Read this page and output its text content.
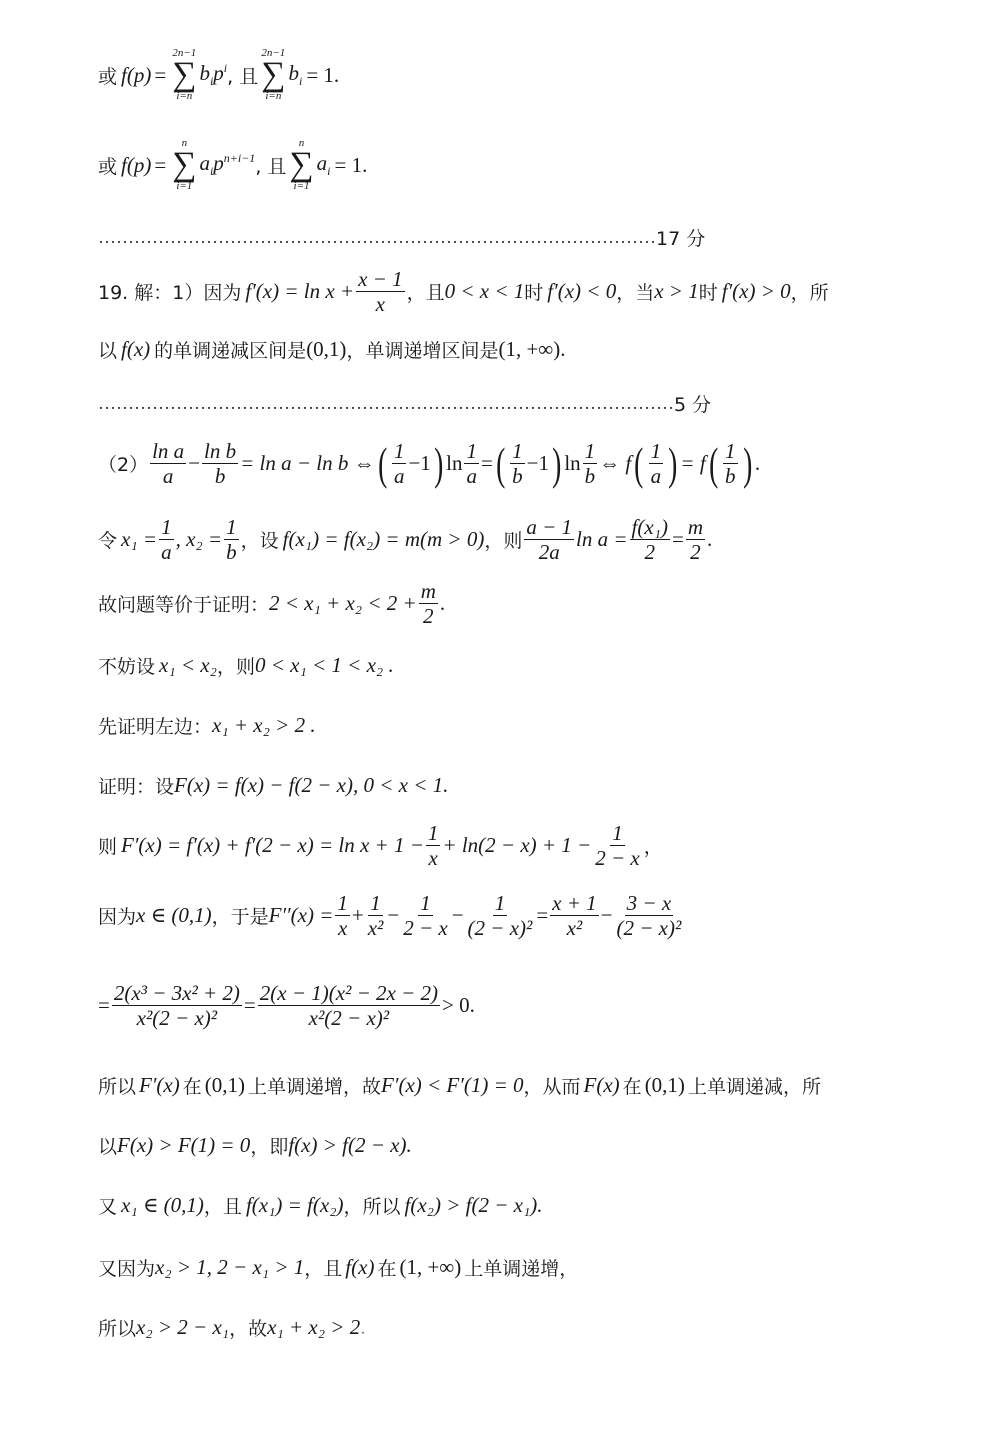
或 f(p) =
2n−1
∑
i=n
$b_ip^i$ , 且
2n−1
∑
i=n
$b_i = 1$.
或 f(p) =
n
∑
i=1
$a_ip^{n+i-1}$ , 且
n
∑
i=1
$a_i = 1$.
………………………………………………………………………………… 17 分
19. 解：1）因为 $f'(x) = \ln x + \frac{x - 1}{x}$ ，且 0 < x < 1 时 f′(x) < 0 ，当 x > 1 时 f′(x) > 0 ，所
以 f(x) 的单调递减区间是 (0,1) ，单调递增区间是 (1, +∞) .
…………………………………………………………………………………… 5 分
$(2) \frac{\text{ln a}}{a} - \frac{\text{ln b}}{b} = \ln a - \ln b$ ⇔ ( $\frac{1}{a} -1$ ) $\ln \frac{1}{a}$ = ( $\frac{1}{b} -1$ ) $\ln \frac{1}{b}$ ⇔ f ( $\frac{1}{a}$ ) = f ( $\frac{1}{b}$ ) .
令 $x_1 = \frac{1}{a}$ , $x_2 = \frac{1}{b}$ ，设 f(x₁) = f(x₂) = m(m > 0) ，则 $\frac{a - 1}{2a}$ $\ln a = \frac{\text{f(x₁)}}{2} = \frac{m}{2}$ .
故问题等价于证明： $2 < x_1 + x_2 < 2 + \frac{m}{2}$ .
不妨设 x₁ < x₂ ，则 0 < x₁ < 1 < x₂ .
先证明左边： x₁ + x₂ > 2 .
证明：设 F(x) = f(x) − f(2 − x), 0 < x < 1.
则 $F'(x) = f'(x) + f'(2 - x) = \ln x + 1 - \frac{1}{x} + \ln(2 - x) + 1 - \frac{1}{2 - x}$ ，
因为 x ∈ (0,1) ，于是 $F''(x) = \frac{1}{x} + \frac{1}{\text{x²}} - \frac{1}{2 - x} - \frac{1}{\text{(2 − x)²}} = \frac{x + 1}{\text{x²}} - \frac{3 - x}{\text{(2 − x)²}}$
= $\frac{\text{2(x³ − 3x² + 2)}}{\text{x²(2 − x)²}} = \frac{\text{2(x − 1)(x² − 2x − 2)}}{\text{x²(2 − x)²}} > 0$.
所以 F′(x) 在 (0,1) 上单调递增，故 F′(x) < F′(1) = 0 ，从而 F(x) 在 (0,1) 上单调递减，所
以 F(x) > F(1) = 0 ，即 f(x) > f(2 − x).
又 x₁ ∈ (0,1) ，且 f(x₁) = f(x₂) ，所以 f(x₂) > f(2 − x₁).
又因为 x₂ > 1, 2 − x₁ > 1 ，且 f(x) 在 (1, +∞) 上单调递增，
所以 x₂ > 2 − x₁ ，故 x₁ + x₂ > 2 .
